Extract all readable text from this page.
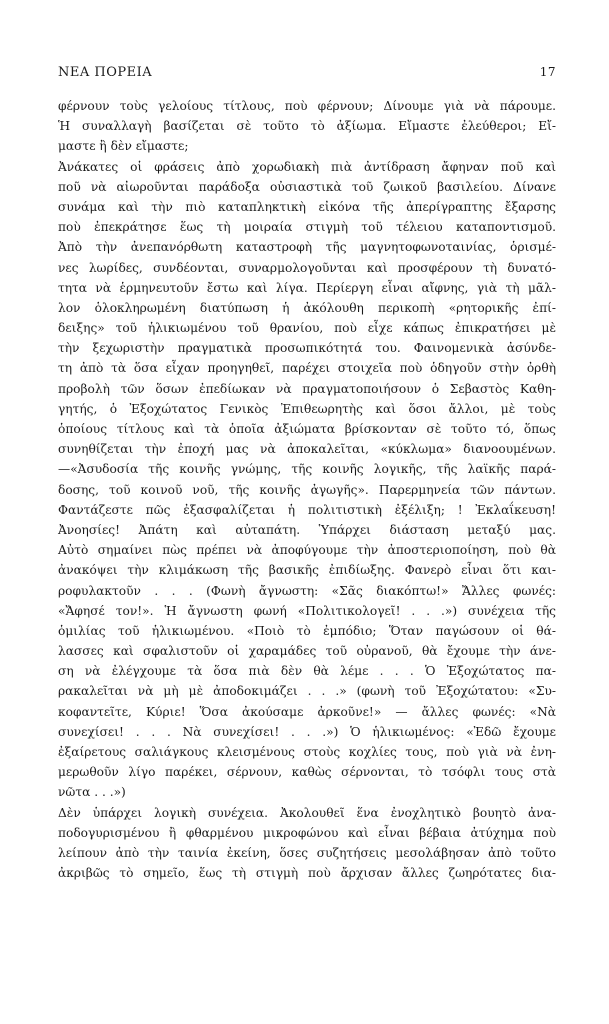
ΝΕΑ ΠΟΡΕΙΑ	17
φέρνουν τοὺς γελοίους τίτλους, ποὺ φέρνουν; Δίνουμε γιὰ νὰ πάρουμε.
Ἡ συναλλαγὴ βασίζεται σὲ τοῦτο τὸ ἀξίωμα. Εἴμαστε ἐλεύθεροι; Εἴ-
μαστε ἢ δὲν εἴμαστε;
Ἀνάκατες οἱ φράσεις ἀπὸ χορωδιακὴ πιὰ ἀντίδραση ἄφηναν ποῦ καὶ
ποῦ νὰ αἰωροῦνται παράδοξα οὐσιαστικὰ τοῦ ζωικοῦ βασιλείου. Δίνανε
συνάμα καὶ τὴν πιὸ καταπληκτικὴ εἰκόνα τῆς ἀπερίγραπτης ἔξαρσης
ποὺ ἐπεκράτησε ἕως τὴ μοιραία στιγμὴ τοῦ τέλειου καταποντισμοῦ.
Ἀπὸ τὴν ἀνεπανόρθωτη καταστροφὴ τῆς μαγνητοφωνοταινίας, ὁρισμέ-
νες λωρίδες, συνδέονται, συναρμολογοῦνται καὶ προσφέρουν τὴ δυνατό-
τητα νὰ ἑρμηνευτοῦν ἔστω καὶ λίγα. Περίεργη εἶναι αἴφνης, γιὰ τὴ μᾶλ-
λον ὁλοκληρωμένη διατύπωση ἡ ἀκόλουθη περικοπὴ «ρητορικῆς ἐπί-
δειξης» τοῦ ἡλικιωμένου τοῦ θρανίου, ποὺ εἶχε κάπως ἐπικρατήσει μὲ
τὴν ξεχωριστὴν πραγματικὰ προσωπικότητά του. Φαινομενικὰ ἀσύνδε-
τη ἀπὸ τὰ ὅσα εἶχαν προηγηθεῖ, παρέχει στοιχεῖα ποὺ ὁδηγοῦν στὴν ὀρθὴ
προβολὴ τῶν ὅσων ἐπεδίωκαν νὰ πραγματοποιήσουν ὁ Σεβαστὸς Καθη-
γητής, ὁ Ἐξοχώτατος Γενικὸς Ἐπιθεωρητὴς καὶ ὅσοι ἄλλοι, μὲ τοὺς
ὁποίους τίτλους καὶ τὰ ὁποῖα ἀξιώματα βρίσκονταν σὲ τοῦτο τό, ὅπως
συνηθίζεται τὴν ἐποχή μας νὰ ἀποκαλεῖται, «κύκλωμα» διανοουμένων.
—«Ἀσυδοσία τῆς κοινῆς γνώμης, τῆς κοινῆς λογικῆς, τῆς λαϊκῆς παρά-
δοσης, τοῦ κοινοῦ νοῦ, τῆς κοινῆς ἀγωγῆς». Παρερμηνεία τῶν πάντων.
Φαντάζεστε πῶς ἐξασφαλίζεται ἡ πολιτιστικὴ ἐξέλιξη; ! Ἐκλαΐκευση!
Ἀνοησίες! Ἀπάτη καὶ αὐταπάτη. Ὑπάρχει διάσταση μεταξύ μας.
Αὐτὸ σημαίνει πὼς πρέπει νὰ ἀποφύγουμε τὴν ἀποστεριοποίηση, ποὺ θὰ
ἀνακόψει τὴν κλιμάκωση τῆς βασικῆς ἐπιδίωξης. Φανερὸ εἶναι ὅτι και-
ροφυλακτοῦν . . . (Φωνὴ ἄγνωστη: «Σᾶς διακόπτω!» Ἄλλες φωνές:
«Ἄφησέ τον!». Ἡ ἄγνωστη φωνή «Πολιτικολογεῖ! . . .») συνέχεια τῆς
ὁμιλίας τοῦ ἡλικιωμένου. «Ποιὸ τὸ ἐμπόδιο; Ὅταν παγώσουν οἱ θά-
λασσες καὶ σφαλιστοῦν οἱ χαραμάδες τοῦ οὐρανοῦ, θὰ ἔχουμε τὴν άνε-
ση νὰ ἐλέγχουμε τὰ ὅσα πιὰ δὲν θὰ λέμε . . . Ὁ Ἐξοχώτατος πα-
ρακαλεῖται νὰ μὴ μὲ ἀποδοκιμάζει . . .» (φωνὴ τοῦ Ἐξοχώτατου: «Συ-
κοφαντεῖτε, Κύριε! Ὅσα ἀκούσαμε ἀρκοῦνε!» — ἄλλες φωνές: «Νὰ
συνεχίσει! . . . Νὰ συνεχίσει! . . .») Ὁ ἡλικιωμένος: «Ἐδῶ ἔχουμε
ἐξαίρετους σαλιάγκους κλεισμένους στοὺς κοχλίες τους, ποὺ γιὰ νὰ ἐνη-
μερωθοῦν λίγο παρέκει, σέρνουν, καθὼς σέρνονται, τὸ τσόφλι τους στὰ
νῶτα . . .»)
Δὲν ὑπάρχει λογικὴ συνέχεια. Ἀκολουθεῖ ἕνα ἐνοχλητικὸ βουητὸ ἀνα-
ποδογυρισμένου ἢ φθαρμένου μικροφώνου καὶ εἶναι βέβαια ἀτύχημα ποὺ
λείπουν ἀπὸ τὴν ταινία ἐκείνη, ὅσες συζητήσεις μεσολάβησαν ἀπὸ τοῦτο
ἀκριβῶς τὸ σημεῖο, ἕως τὴ στιγμὴ ποὺ ἄρχισαν ἄλλες ζωηρότατες δια-
